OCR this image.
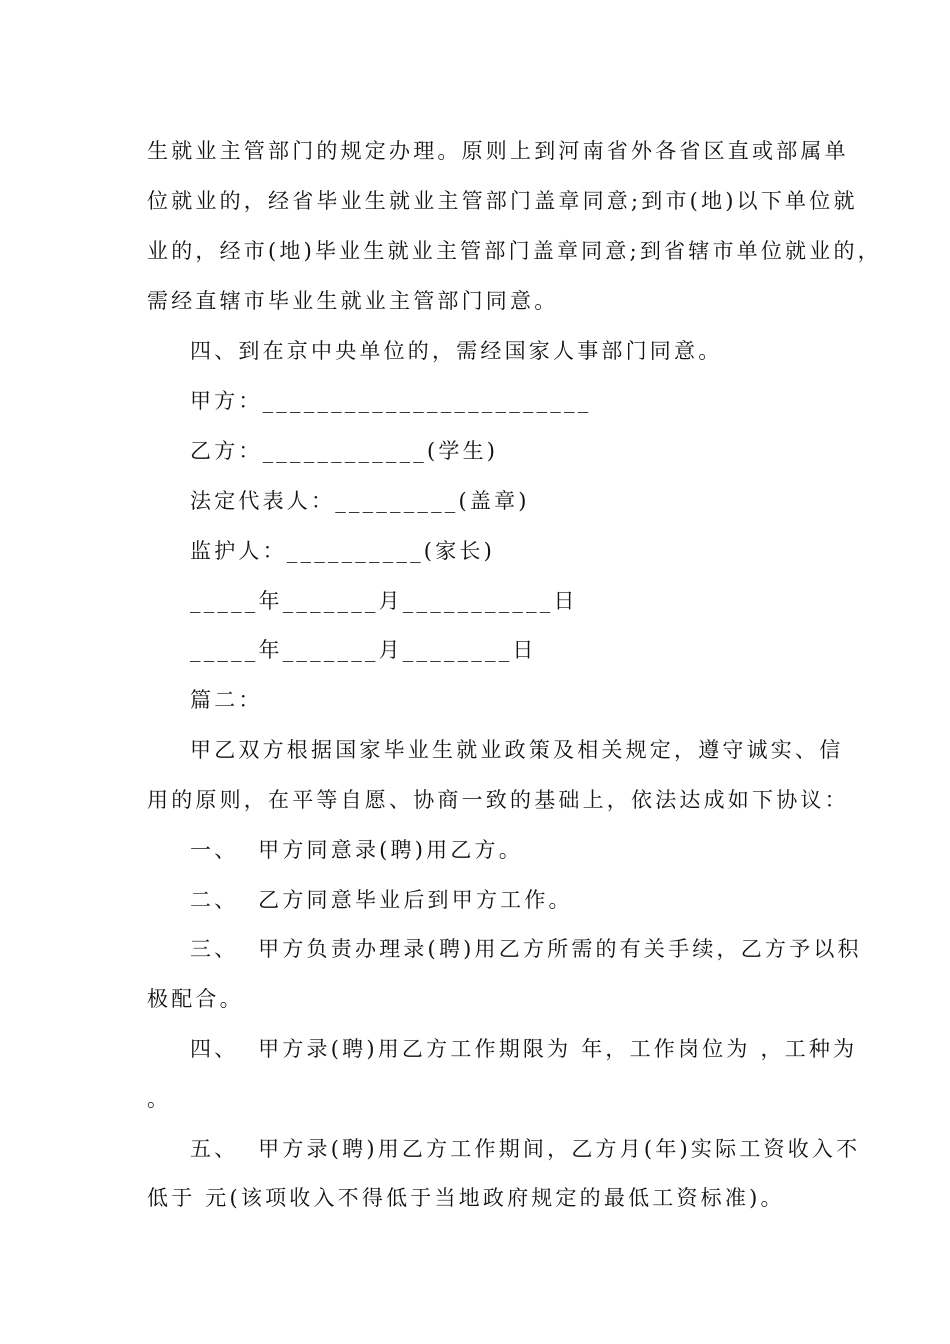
生就业主管部门的规定办理。原则上到河南省外各省区直或部属单
位就业的，经省毕业生就业主管部门盖章同意;到市(地)以下单位就
业的，经市(地)毕业生就业主管部门盖章同意;到省辖市单位就业的，
需经直辖市毕业生就业主管部门同意。
四、到在京中央单位的，需经国家人事部门同意。
甲方：________________________
乙方：____________(学生)
法定代表人：_________(盖章)
监护人：__________(家长)
_____年_______月___________日
_____年_______月________日
篇二：
甲乙双方根据国家毕业生就业政策及相关规定，遵守诚实、信
用的原则，在平等自愿、协商一致的基础上，依法达成如下协议：
一、  甲方同意录(聘)用乙方。
二、  乙方同意毕业后到甲方工作。
三、  甲方负责办理录(聘)用乙方所需的有关手续，乙方予以积
极配合。
四、  甲方录(聘)用乙方工作期限为 年，工作岗位为 ，工种为
。
五、  甲方录(聘)用乙方工作期间，乙方月(年)实际工资收入不
低于 元(该项收入不得低于当地政府规定的最低工资标准)。
